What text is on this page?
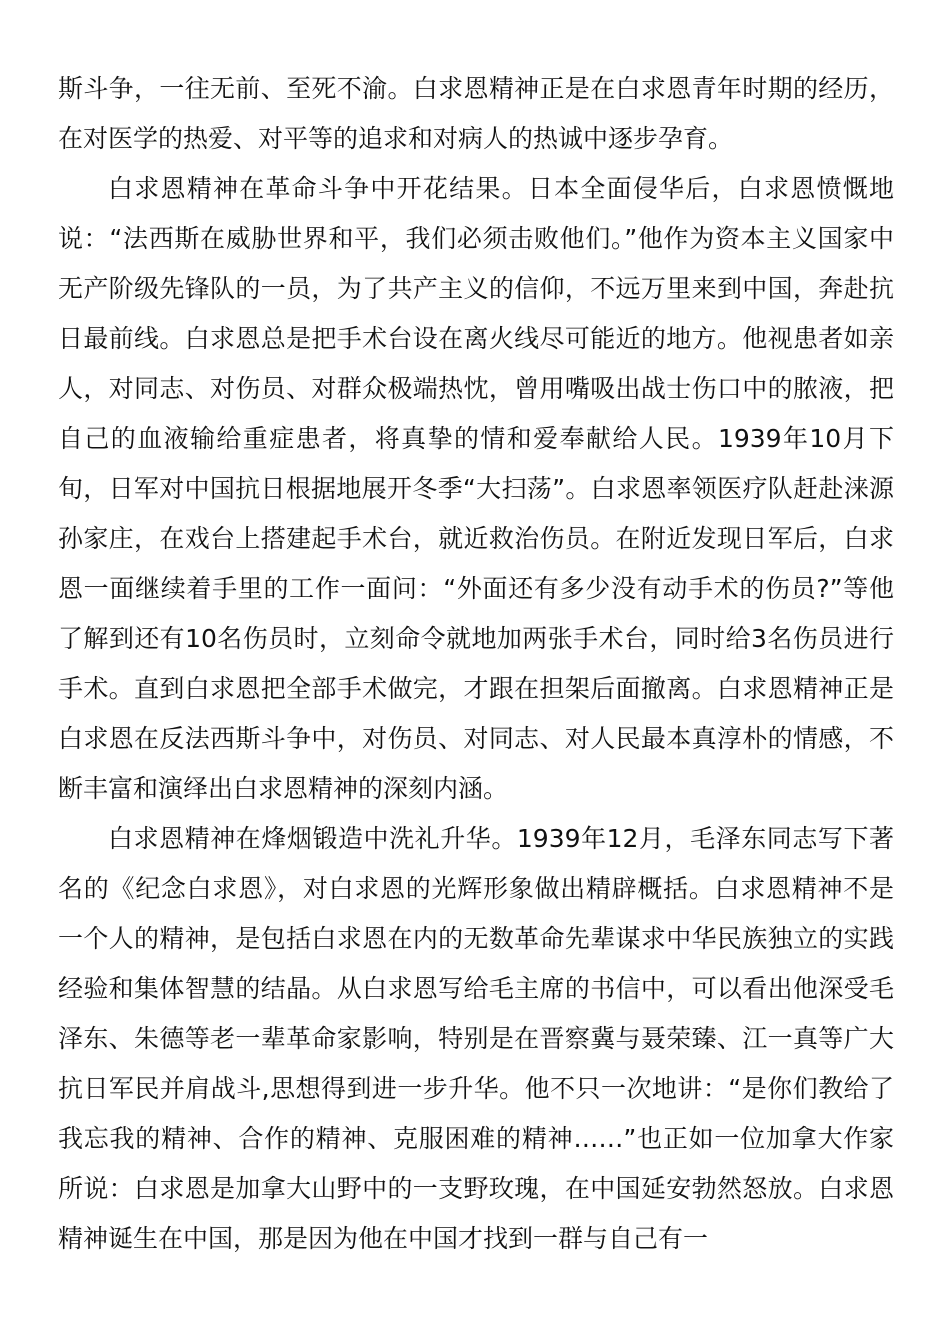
斯斗争，一往无前、至死不渝。白求恩精神正是在白求恩青年时期的经历，在对医学的热爱、对平等的追求和对病人的热诚中逐步孕育。

白求恩精神在革命斗争中开花结果。日本全面侵华后，白求恩愤慨地说：“法西斯在威胁世界和平，我们必须击败他们。”他作为资本主义国家中无产阶级先锋队的一员，为了共产主义的信仰，不远万里来到中国，奔赴抗日最前线。白求恩总是把手术台设在离火线尽可能近的地方。他视患者如亲人，对同志、对伤员、对群众极端热忱，曾用嘴吸出战士伤口中的脓液，把自己的血液输给重症患者，将真挚的情和爱奉献给人民。1939年10月下旬，日军对中国抗日根据地展开冬季“大扫荡”。白求恩率领医疗队赶赴涞源孙家庄，在戏台上搭建起手术台，就近救治伤员。在附近发现日军后，白求恩一面继续着手里的工作一面问：“外面还有多少没有动手术的伤员?”等他了解到还有10名伤员时，立刻命令就地加两张手术台，同时给3名伤员进行手术。直到白求恩把全部手术做完，才跟在担架后面撤离。白求恩精神正是白求恩在反法西斯斗争中，对伤员、对同志、对人民最本真淳朴的情感，不断丰富和演绎出白求恩精神的深刻内涵。

白求恩精神在烽烟锻造中洗礼升华。1939年12月，毛泽东同志写下著名的《纪念白求恩》，对白求恩的光辉形象做出精辟概括。白求恩精神不是一个人的精神，是包括白求恩在内的无数革命先辈谋求中华民族独立的实践经验和集体智慧的结晶。从白求恩写给毛主席的书信中，可以看出他深受毛泽东、朱德等老一辈革命家影响，特别是在晋察冀与聂荣臻、江一真等广大抗日军民并肩战斗,思想得到进一步升华。他不只一次地讲：“是你们教给了我忘我的精神、合作的精神、克服困难的精神……”也正如一位加拿大作家所说：白求恩是加拿大山野中的一支野玫瑰，在中国延安勃然怒放。白求恩精神诞生在中国，那是因为他在中国才找到一群与自己有一
